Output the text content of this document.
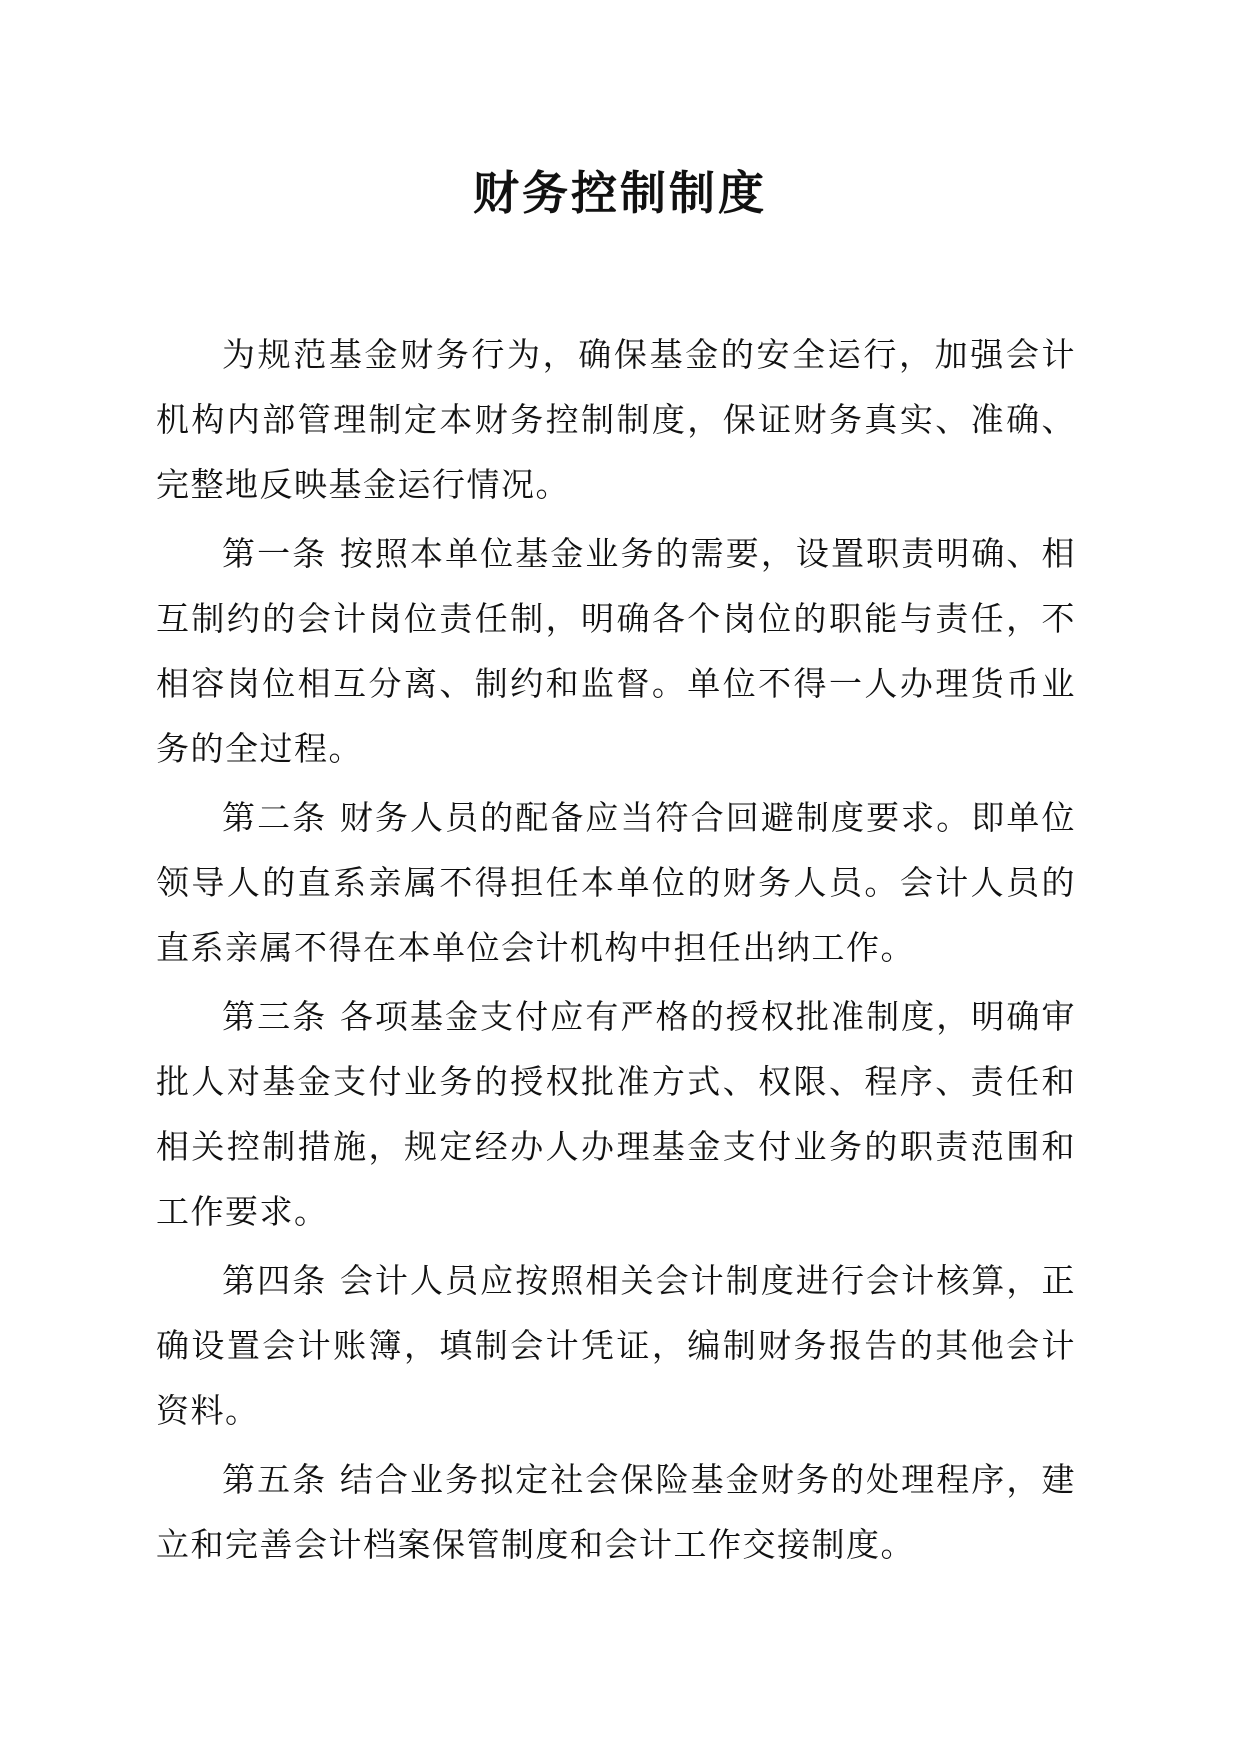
财务控制制度

为规范基金财务行为，确保基金的安全运行，加强会计机构内部管理制定本财务控制制度，保证财务真实、准确、完整地反映基金运行情况。

第一条 按照本单位基金业务的需要，设置职责明确、相互制约的会计岗位责任制，明确各个岗位的职能与责任，不相容岗位相互分离、制约和监督。单位不得一人办理货币业务的全过程。

第二条 财务人员的配备应当符合回避制度要求。即单位领导人的直系亲属不得担任本单位的财务人员。会计人员的直系亲属不得在本单位会计机构中担任出纳工作。

第三条 各项基金支付应有严格的授权批准制度，明确审批人对基金支付业务的授权批准方式、权限、程序、责任和相关控制措施，规定经办人办理基金支付业务的职责范围和工作要求。

第四条 会计人员应按照相关会计制度进行会计核算，正确设置会计账簿，填制会计凭证，编制财务报告的其他会计资料。

第五条 结合业务拟定社会保险基金财务的处理程序，建立和完善会计档案保管制度和会计工作交接制度。
